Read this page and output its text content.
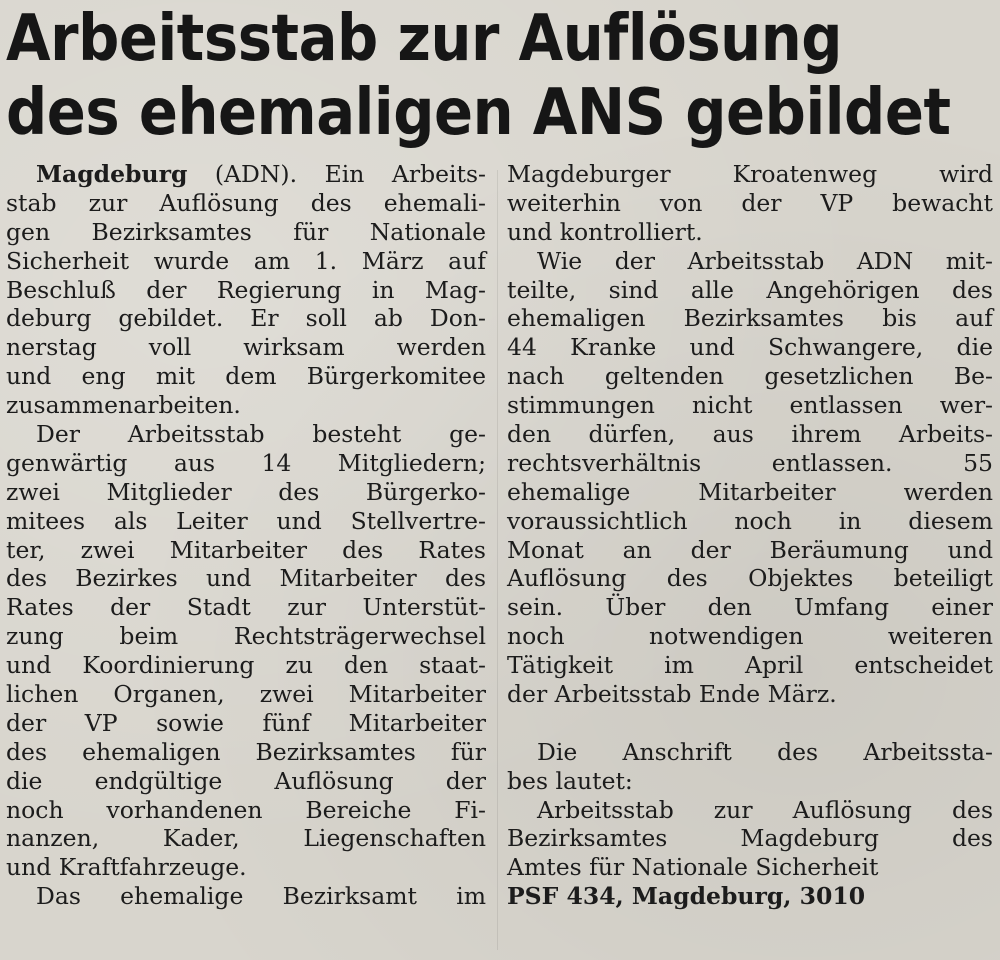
Arbeitsstab zur Auflösung
des ehemaligen ANS gebildet
Magdeburg (ADN). Ein Arbeits-
stab zur Auflösung des ehemali-
gen Bezirksamtes für Nationale
Sicherheit wurde am 1. März auf
Beschluß der Regierung in Mag-
deburg gebildet. Er soll ab Don-
nerstag voll wirksam werden
und eng mit dem Bürgerkomitee
zusammenarbeiten.
Der Arbeitsstab besteht ge-
genwärtig aus 14 Mitgliedern;
zwei Mitglieder des Bürgerko-
mitees als Leiter und Stellvertre-
ter, zwei Mitarbeiter des Rates
des Bezirkes und Mitarbeiter des
Rates der Stadt zur Unterstüt-
zung beim Rechtsträgerwechsel
und Koordinierung zu den staat-
lichen Organen, zwei Mitarbeiter
der VP sowie fünf Mitarbeiter
des ehemaligen Bezirksamtes für
die endgültige Auflösung der
noch vorhandenen Bereiche Fi-
nanzen, Kader, Liegenschaften
und Kraftfahrzeuge.
Das ehemalige Bezirksamt im
Magdeburger Kroatenweg wird
weiterhin von der VP bewacht
und kontrolliert.
Wie der Arbeitsstab ADN mit-
teilte, sind alle Angehörigen des
ehemaligen Bezirksamtes bis auf
44 Kranke und Schwangere, die
nach geltenden gesetzlichen Be-
stimmungen nicht entlassen wer-
den dürfen, aus ihrem Arbeits-
rechtsverhältnis entlassen. 55
ehemalige Mitarbeiter werden
voraussichtlich noch in diesem
Monat an der Beräumung und
Auflösung des Objektes beteiligt
sein. Über den Umfang einer
noch notwendigen weiteren
Tätigkeit im April entscheidet
der Arbeitsstab Ende März.
Die Anschrift des Arbeitssta-
bes lautet:
Arbeitsstab zur Auflösung des
Bezirksamtes Magdeburg des
Amtes für Nationale Sicherheit
PSF 434, Magdeburg, 3010
